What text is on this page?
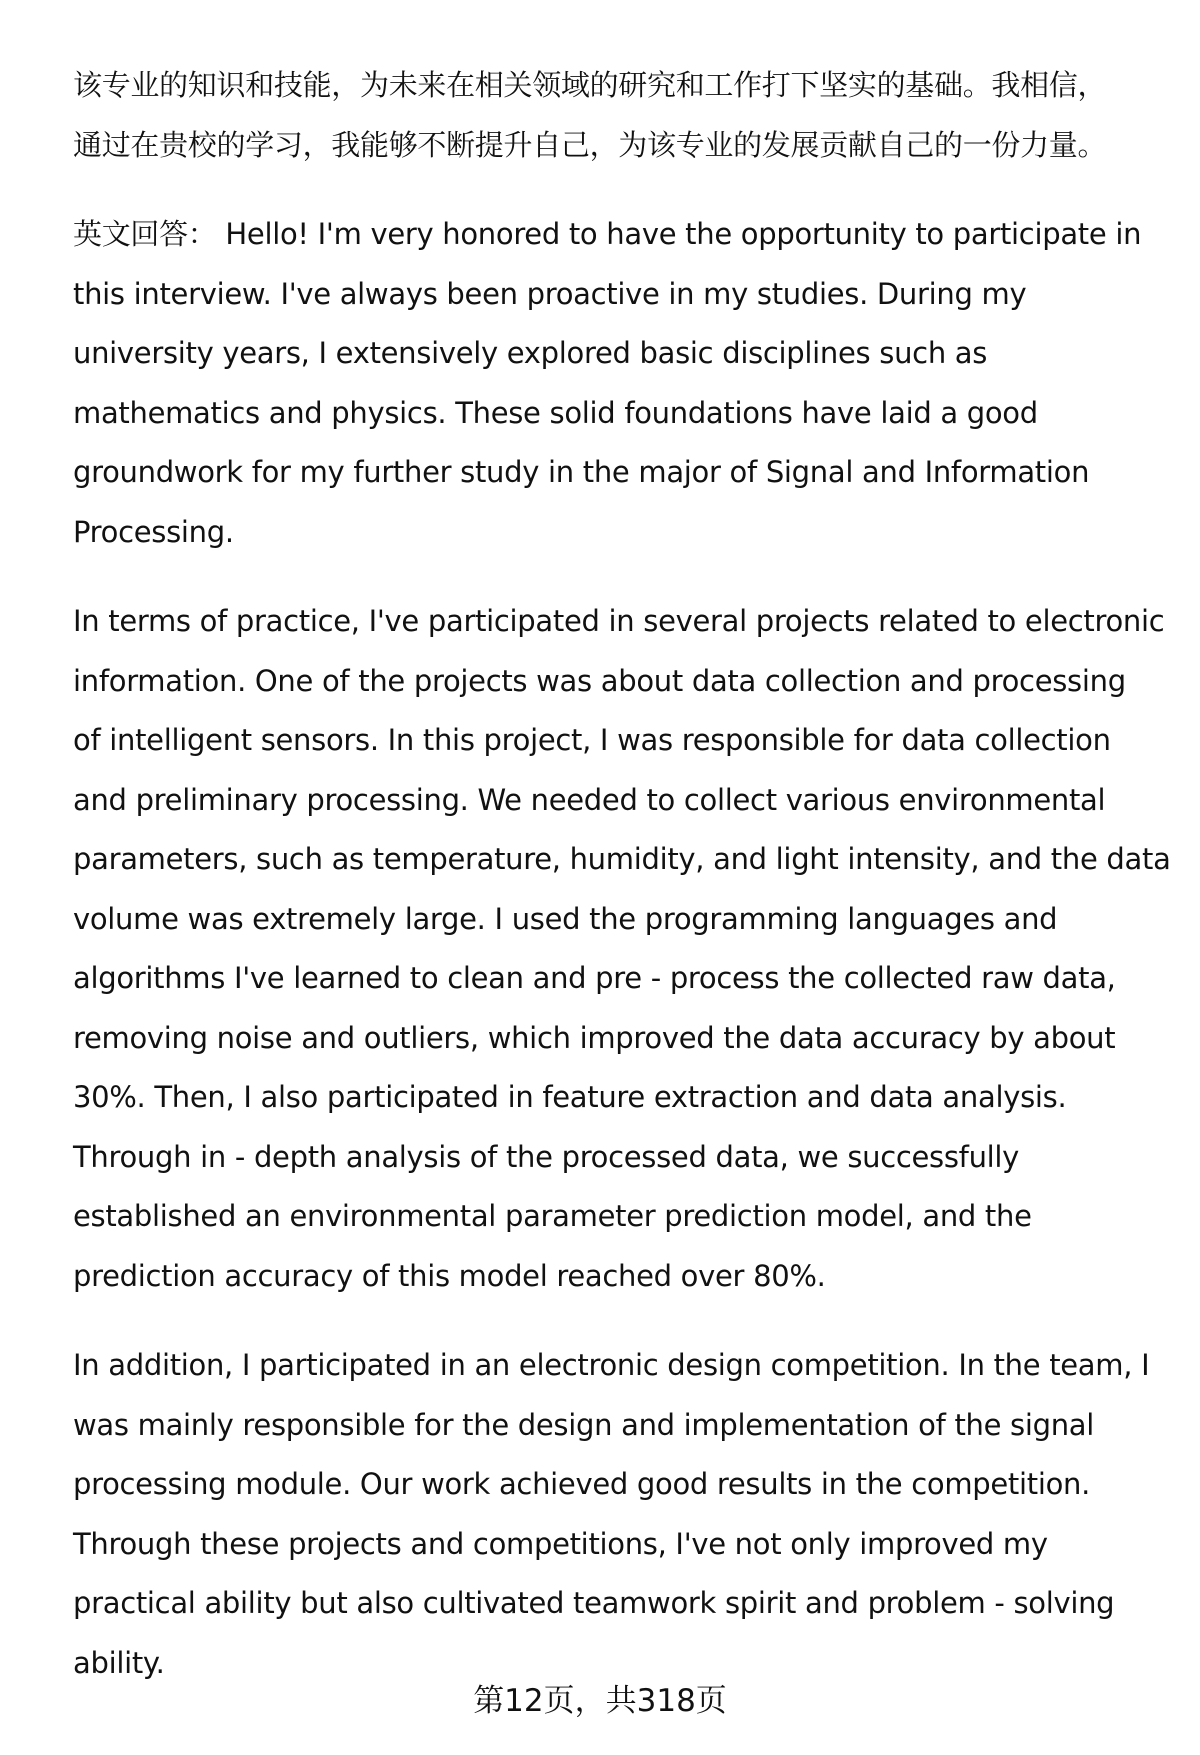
该专业的知识和技能，为未来在相关领域的研究和工作打下坚实的基础。我相信，
通过在贵校的学习，我能够不断提升自己，为该专业的发展贡献自己的一份力量。
英文回答： Hello! I'm very honored to have the opportunity to participate in
this interview. I've always been proactive in my studies. During my
university years, I extensively explored basic disciplines such as
mathematics and physics. These solid foundations have laid a good
groundwork for my further study in the major of Signal and Information
Processing.
In terms of practice, I've participated in several projects related to electronic
information. One of the projects was about data collection and processing
of intelligent sensors. In this project, I was responsible for data collection
and preliminary processing. We needed to collect various environmental
parameters, such as temperature, humidity, and light intensity, and the data
volume was extremely large. I used the programming languages and
algorithms I've learned to clean and pre - process the collected raw data,
removing noise and outliers, which improved the data accuracy by about
30%. Then, I also participated in feature extraction and data analysis.
Through in - depth analysis of the processed data, we successfully
established an environmental parameter prediction model, and the
prediction accuracy of this model reached over 80%.
In addition, I participated in an electronic design competition. In the team, I
was mainly responsible for the design and implementation of the signal
processing module. Our work achieved good results in the competition.
Through these projects and competitions, I've not only improved my
practical ability but also cultivated teamwork spirit and problem - solving
ability.
第12页，共318页
